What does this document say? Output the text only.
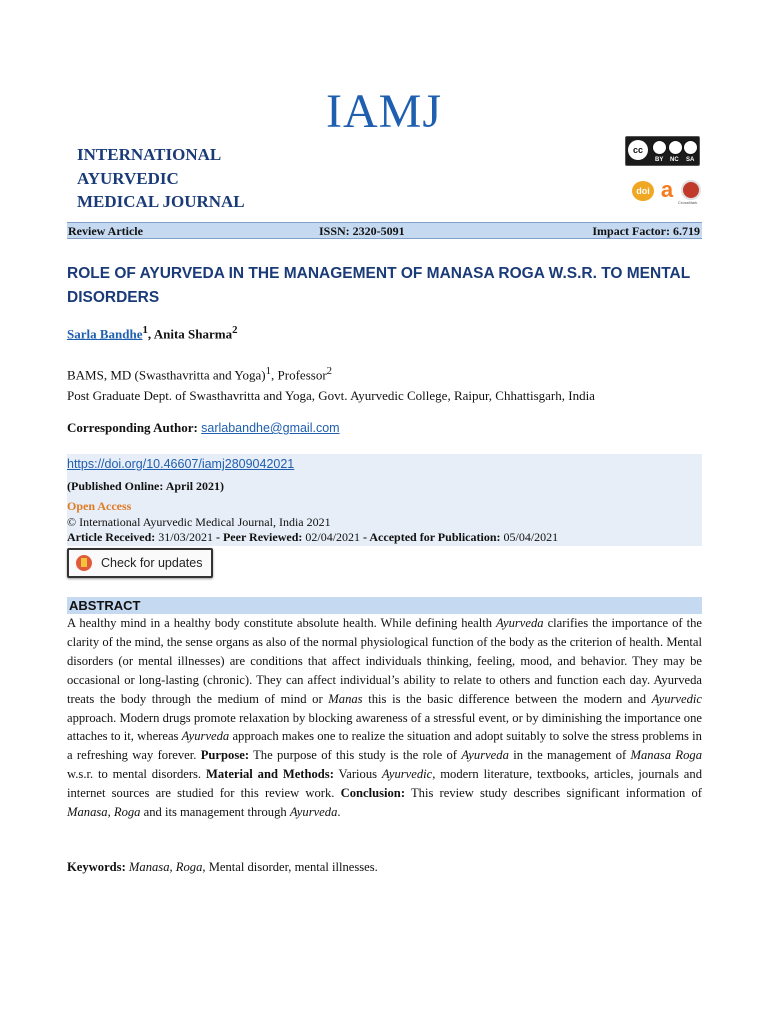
IAMJ
INTERNATIONAL
AYURVEDIC
MEDICAL JOURNAL
cc
BY NC SA
doi a
CrossMark
Review Article	ISSN: 2320-5091	Impact Factor: 6.719
ROLE OF AYURVEDA IN THE MANAGEMENT OF MANASA ROGA W.S.R. TO MENTAL DISORDERS
Sarla Bandhe$^1$, Anita Sharma$^2$
BAMS, MD (Swasthavritta and Yoga)$^1$, Professor$^2$
Post Graduate Dept. of Swasthavritta and Yoga, Govt. Ayurvedic College, Raipur, Chhattisgarh, India
Corresponding Author: sarlabandhe@gmail.com
https://doi.org/10.46607/iamj2809042021
(Published Online: April 2021)
Open Access
© International Ayurvedic Medical Journal, India 2021
Article Received: 31/03/2021 - Peer Reviewed: 02/04/2021 - Accepted for Publication: 05/04/2021
Check for updates
ABSTRACT

A healthy mind in a healthy body constitute absolute health. While defining health Ayurveda clarifies the importance of the clarity of the mind, the sense organs as also of the normal physiological function of the body as the criterion of health. Mental disorders (or mental illnesses) are conditions that affect individuals thinking, feeling, mood, and behavior. They may be occasional or long-lasting (chronic). They can affect individual’s ability to relate to others and function each day. Ayurveda treats the body through the medium of mind or Manas this is the basic difference between the modern and Ayurvedic approach. Modern drugs promote relaxation by blocking awareness of a stressful event, or by diminishing the importance one attaches to it, whereas Ayurveda approach makes one to realize the situation and adopt suitably to solve the stress problems in a refreshing way forever. Purpose: The purpose of this study is the role of Ayurveda in the management of Manasa Roga w.s.r. to mental disorders. Material and Methods: Various Ayurvedic, modern literature, textbooks, articles, journals and internet sources are studied for this review work. Conclusion: This review study describes significant information of Manasa, Roga and its management through Ayurveda.

Keywords: Manasa, Roga, Mental disorder, mental illnesses.
